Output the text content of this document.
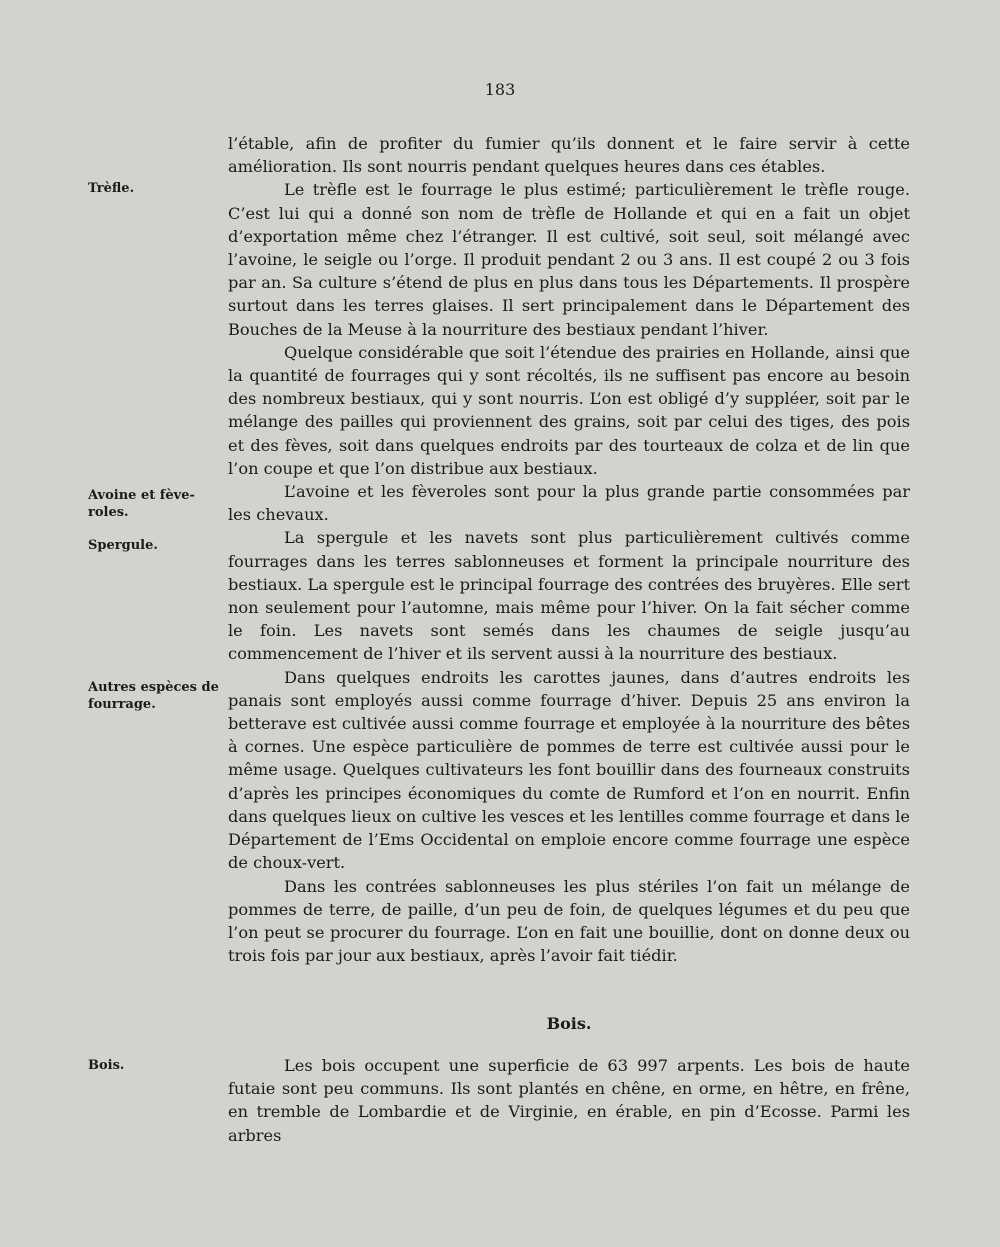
183
Trèfle.
Avoine et fève-roles.
Spergule.
Autres espèces de fourrage.
Bois.

l’étable, afin de profiter du fumier qu’ils donnent et le faire servir à cette amélioration. Ils sont nourris pendant quelques heures dans ces étables.

Le trèfle est le fourrage le plus estimé; particulièrement le trèfle rouge. C’est lui qui a donné son nom de trèfle de Hollande et qui en a fait un objet d’exportation même chez l’étranger. Il est cultivé, soit seul, soit mélangé avec l’avoine, le seigle ou l’orge. Il produit pendant 2 ou 3 ans. Il est coupé 2 ou 3 fois par an. Sa culture s’étend de plus en plus dans tous les Départements. Il prospère surtout dans les terres glaises. Il sert principalement dans le Département des Bouches de la Meuse à la nourriture des bestiaux pendant l’hiver.

Quelque considérable que soit l’étendue des prairies en Hollande, ainsi que la quantité de fourrages qui y sont récoltés, ils ne suffisent pas encore au besoin des nombreux bestiaux, qui y sont nourris. L’on est obligé d’y suppléer, soit par le mélange des pailles qui proviennent des grains, soit par celui des tiges, des pois et des fèves, soit dans quelques endroits par des tourteaux de colza et de lin que l’on coupe et que l’on distribue aux bestiaux.

L’avoine et les fèveroles sont pour la plus grande partie consommées par les chevaux.

La spergule et les navets sont plus particulièrement cultivés comme fourrages dans les terres sablonneuses et forment la principale nourriture des bestiaux. La spergule est le principal fourrage des contrées des bruyères. Elle sert non seulement pour l’automne, mais même pour l’hiver. On la fait sécher comme le foin. Les navets sont semés dans les chaumes de seigle jusqu’au commencement de l’hiver et ils servent aussi à la nourriture des bestiaux.

Dans quelques endroits les carottes jaunes, dans d’autres endroits les panais sont employés aussi comme fourrage d’hiver. Depuis 25 ans environ la betterave est cultivée aussi comme fourrage et employée à la nourriture des bêtes à cornes. Une espèce particulière de pommes de terre est cultivée aussi pour le même usage. Quelques cultivateurs les font bouillir dans des fourneaux construits d’après les principes économiques du comte de Rumford et l’on en nourrit. Enfin dans quelques lieux on cultive les vesces et les lentilles comme fourrage et dans le Département de l’Ems Occidental on emploie encore comme fourrage une espèce de choux-vert.

Dans les contrées sablonneuses les plus stériles l’on fait un mélange de pommes de terre, de paille, d’un peu de foin, de quelques légumes et du peu que l’on peut se procurer du fourrage. L’on en fait une bouillie, dont on donne deux ou trois fois par jour aux bestiaux, après l’avoir fait tiédir.

Bois.

Les bois occupent une superficie de 63 997 arpents. Les bois de haute futaie sont peu communs. Ils sont plantés en chêne, en orme, en hêtre, en frêne, en tremble de Lombardie et de Virginie, en érable, en pin d’Ecosse. Parmi les arbres
